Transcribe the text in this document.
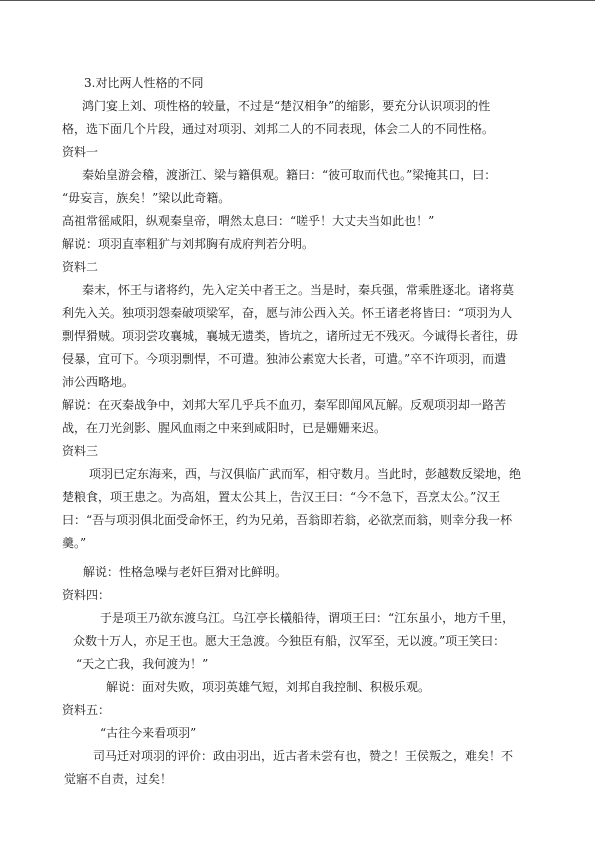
3.对比两人性格的不同
鸿门宴上刘、项性格的较量，不过是“楚汉相争”的缩影，要充分认识项羽的性
格，选下面几个片段，通过对项羽、刘邦二人的不同表现，体会二人的不同性格。
资料一
秦始皇游会稽，渡浙江、梁与籍俱观。籍曰：“彼可取而代也。”梁掩其口，曰：
“毋妄言，族矣！”梁以此奇籍。
高祖常徭咸阳，纵观秦皇帝，喟然太息曰：“嗟乎！大丈夫当如此也！”
解说：项羽直率粗犷与刘邦胸有成府判若分明。
资料二
秦末，怀王与诸将约，先入定关中者王之。当是时，秦兵强，常乘胜逐北。诸将莫
利先入关。独项羽怨秦破项梁军，奋，愿与沛公西入关。怀王诸老将皆曰：“项羽为人
剽悍猾贼。项羽尝攻襄城，襄城无遗类，皆坑之，诸所过无不残灭。今诚得长者往，毋
侵暴，宜可下。今项羽剽悍，不可遣。独沛公素宽大长者，可遣。”卒不许项羽，而遣
沛公西略地。
解说：在灭秦战争中，刘邦大军几乎兵不血刃，秦军即闻风瓦解。反观项羽却一路苦
战，在刀光剑影、腥风血雨之中来到咸阳时，已是姗姗来迟。
资料三
项羽已定东海来，西，与汉俱临广武而军，相守数月。当此时，彭越数反梁地，绝
楚粮食，项王患之。为高俎，置太公其上，告汉王曰：“今不急下，吾烹太公。”汉王
曰：“吾与项羽俱北面受命怀王，约为兄弟，吾翁即若翁，必欲烹而翁，则幸分我一杯
羹。”
解说：性格急噪与老奸巨猾对比鲜明。
资料四：
于是项王乃欲东渡乌江。乌江亭长檥船待，谓项王曰：“江东虽小，地方千里，
众数十万人，亦足王也。愿大王急渡。今独臣有船，汉军至，无以渡。”项王笑曰：
“天之亡我，我何渡为！”
解说：面对失败，项羽英雄气短，刘邦自我控制、积极乐观。
资料五：
“古往今来看项羽”
司马迁对项羽的评价：政由羽出，近古者未尝有也，赞之！王侯叛之，难矣！不
觉寤不自责，过矣！
